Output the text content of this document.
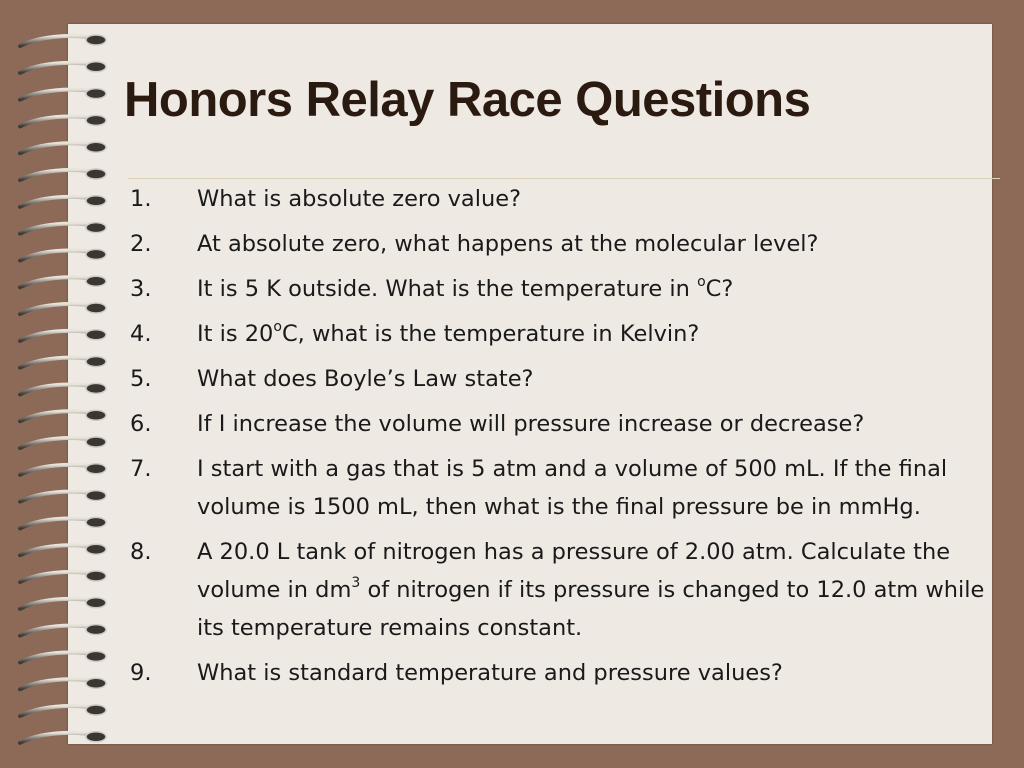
Honors Relay Race Questions
1.	What is absolute zero value?
2.	At absolute zero, what happens at the molecular level?
3.	It is 5 K outside. What is the temperature in $^o$C?
4.	It is 20$^o$C, what is the temperature in Kelvin?
5.	What does Boyle’s Law state?
6.	If I increase the volume will pressure increase or decrease?
7.	I start with a gas that is 5 atm and a volume of 500 mL. If the final volume is 1500 mL, then what is the final pressure be in mmHg.
8.	A 20.0 L tank of nitrogen has a pressure of 2.00 atm. Calculate the volume in $dm^3$ of nitrogen if its pressure is changed to 12.0 atm while its temperature remains constant.
9.	What is standard temperature and pressure values?
